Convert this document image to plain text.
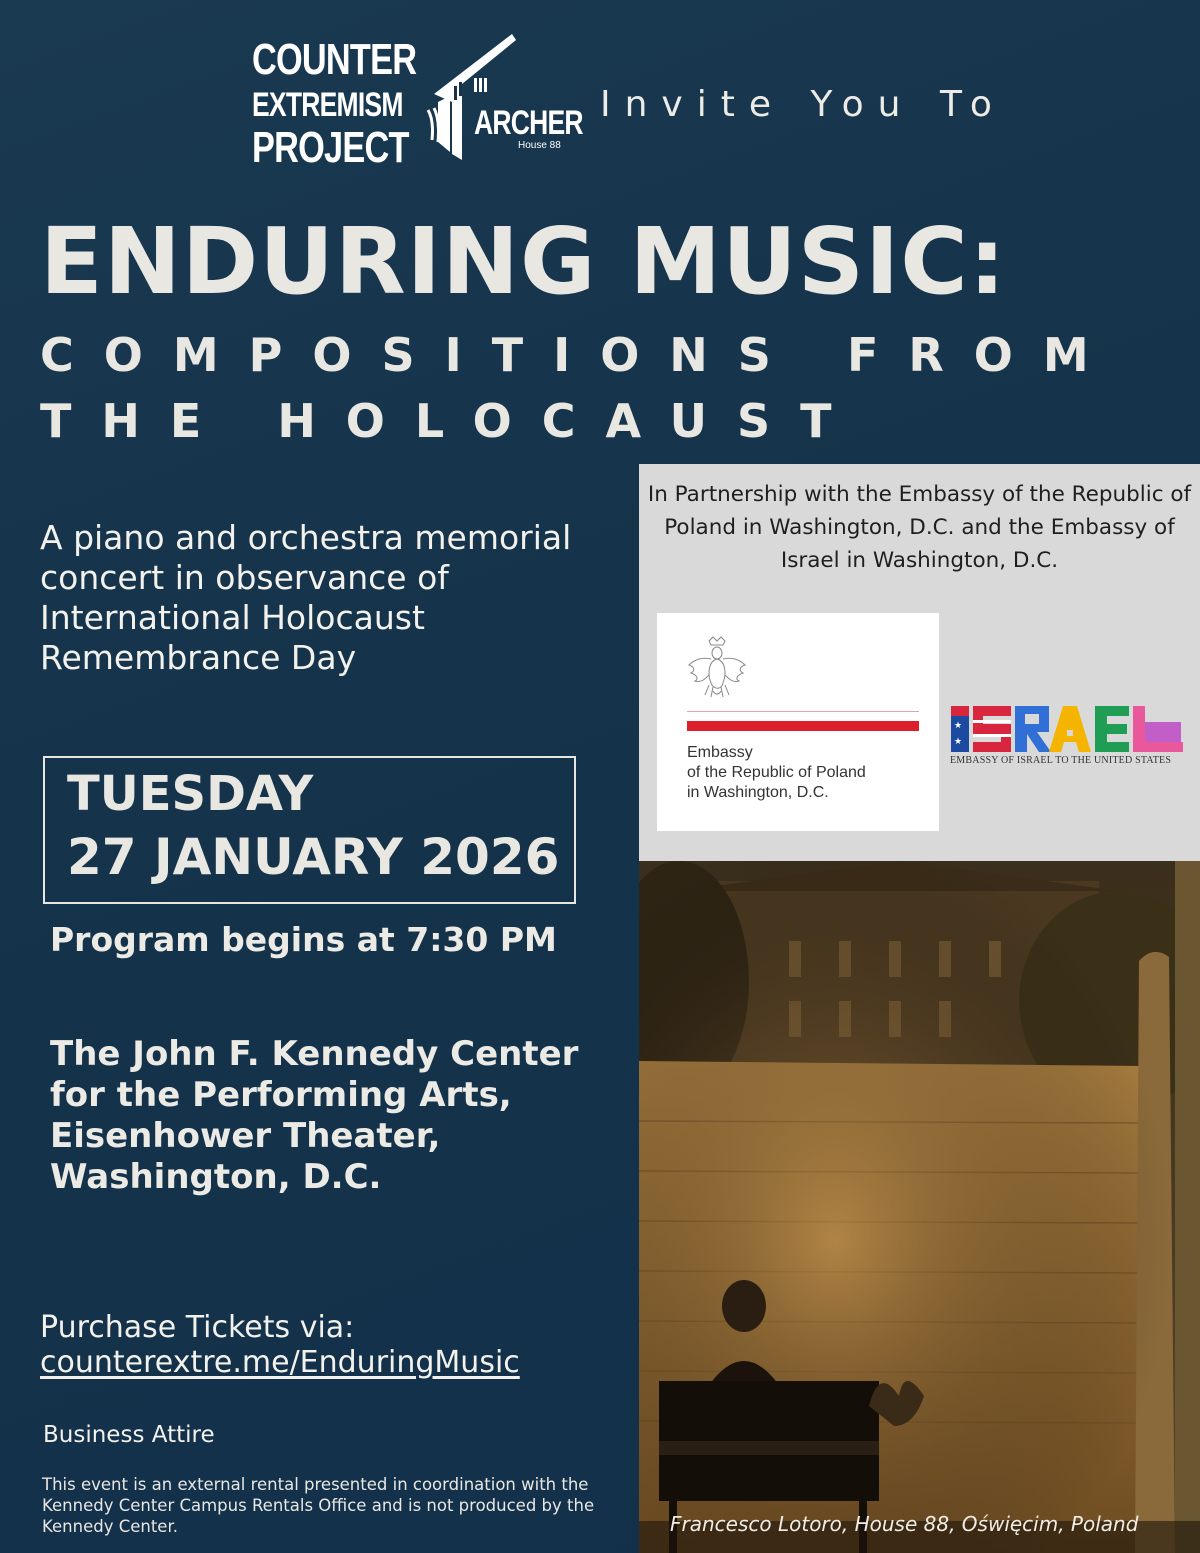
COUNTER
EXTREMISM
PROJECT ARCHER
House 88
Invite You To
ENDURING MUSIC:
COMPOSITIONS FROM
THE HOLOCAUST
A piano and orchestra memorial concert in observance of International Holocaust Remembrance Day
TUESDAY
27 JANUARY 2026
Program begins at 7:30 PM
The John F. Kennedy Center for the Performing Arts, Eisenhower Theater, Washington, D.C.
Purchase Tickets via:
counterextre.me/EnduringMusic
Business Attire
This event is an external rental presented in coordination with the Kennedy Center Campus Rentals Office and is not produced by the Kennedy Center.
In Partnership with the Embassy of the Republic of Poland in Washington, D.C. and the Embassy of Israel in Washington, D.C.
Embassy
of the Republic of Poland
in Washington, D.C.
★
★
EMBASSY OF ISRAEL TO THE UNITED STATES
Francesco Lotoro, House 88, Oświęcim, Poland
